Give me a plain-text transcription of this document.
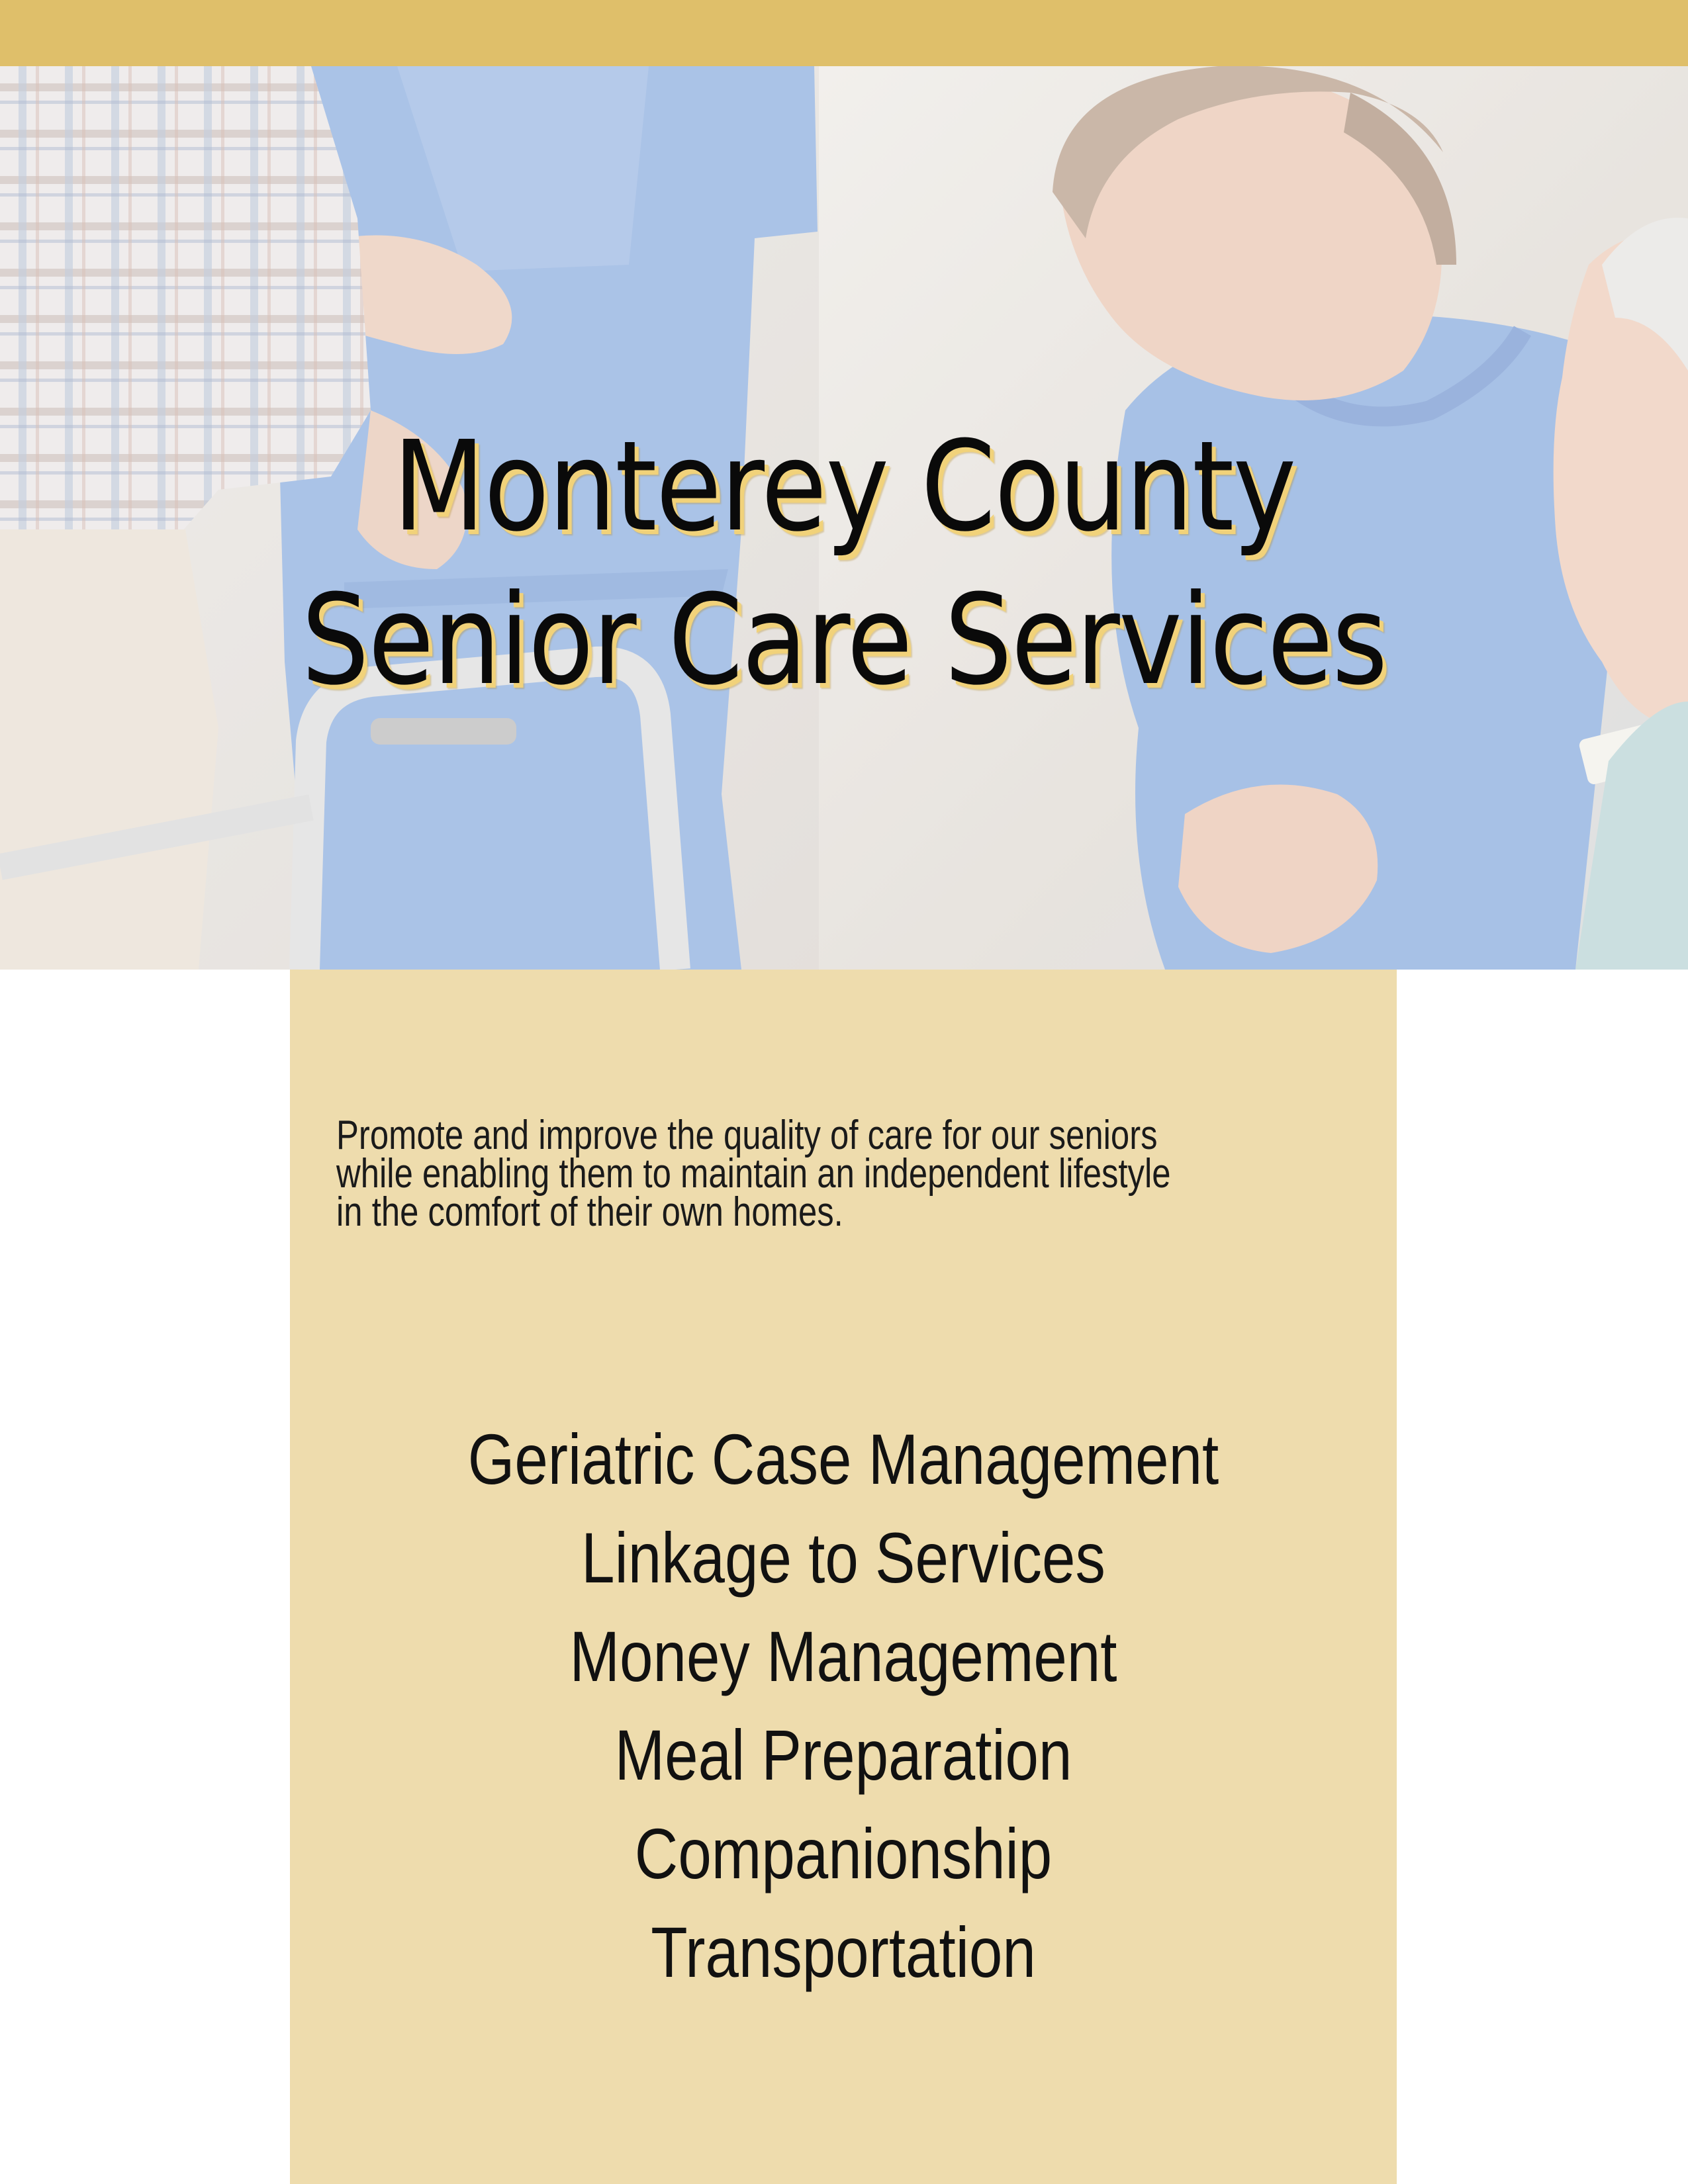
Monterey County
Senior Care Services

Promote and improve the quality of care for our seniors
while enabling them to maintain an independent lifestyle
in the comfort of their own homes.

Geriatric Case Management
Linkage to Services
Money Management
Meal Preparation
Companionship
Transportation
